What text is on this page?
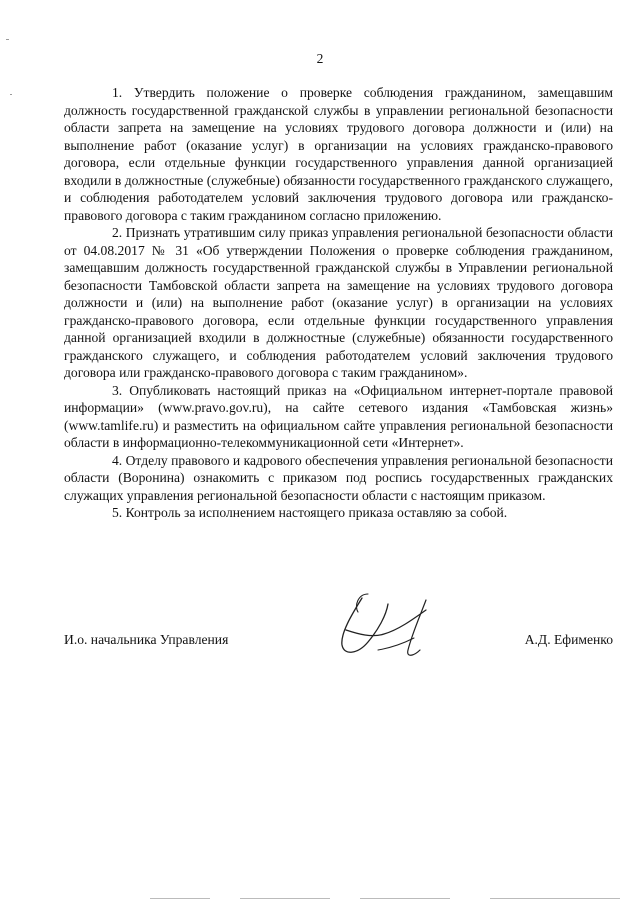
2

1. Утвердить положение о проверке соблюдения гражданином, замещавшим должность государственной гражданской службы в управлении региональной безопасности области запрета на замещение на условиях трудового договора должности и (или) на выполнение работ (оказание услуг) в организации на условиях гражданско-правового договора, если отдельные функции государственного управления данной организацией входили в должностные (служебные) обязанности государственного гражданского служащего, и соблюдения работодателем условий заключения трудового договора или гражданско-правового договора с таким гражданином согласно приложению.

2. Признать утратившим силу приказ управления региональной безопасности области от 04.08.2017 № 31 «Об утверждении Положения о проверке соблюдения гражданином, замещавшим должность государственной гражданской службы в Управлении региональной безопасности Тамбовской области запрета на замещение на условиях трудового договора должности и (или) на выполнение работ (оказание услуг) в организации на условиях гражданско-правового договора, если отдельные функции государственного управления данной организацией входили в должностные (служебные) обязанности государственного гражданского служащего, и соблюдения работодателем условий заключения трудового договора или гражданско-правового договора с таким гражданином».

3. Опубликовать настоящий приказ на «Официальном интернет-портале правовой информации» (www.pravo.gov.ru), на сайте сетевого издания «Тамбовская жизнь» (www.tamlife.ru) и разместить на официальном сайте управления региональной безопасности области в информационно-телекоммуникационной сети «Интернет».

4. Отделу правового и кадрового обеспечения управления региональной безопасности области (Воронина) ознакомить с приказом под роспись государственных гражданских служащих управления региональной безопасности области с настоящим приказом.

5. Контроль за исполнением настоящего приказа оставляю за собой.

И.о. начальника Управления	А.Д. Ефименко
